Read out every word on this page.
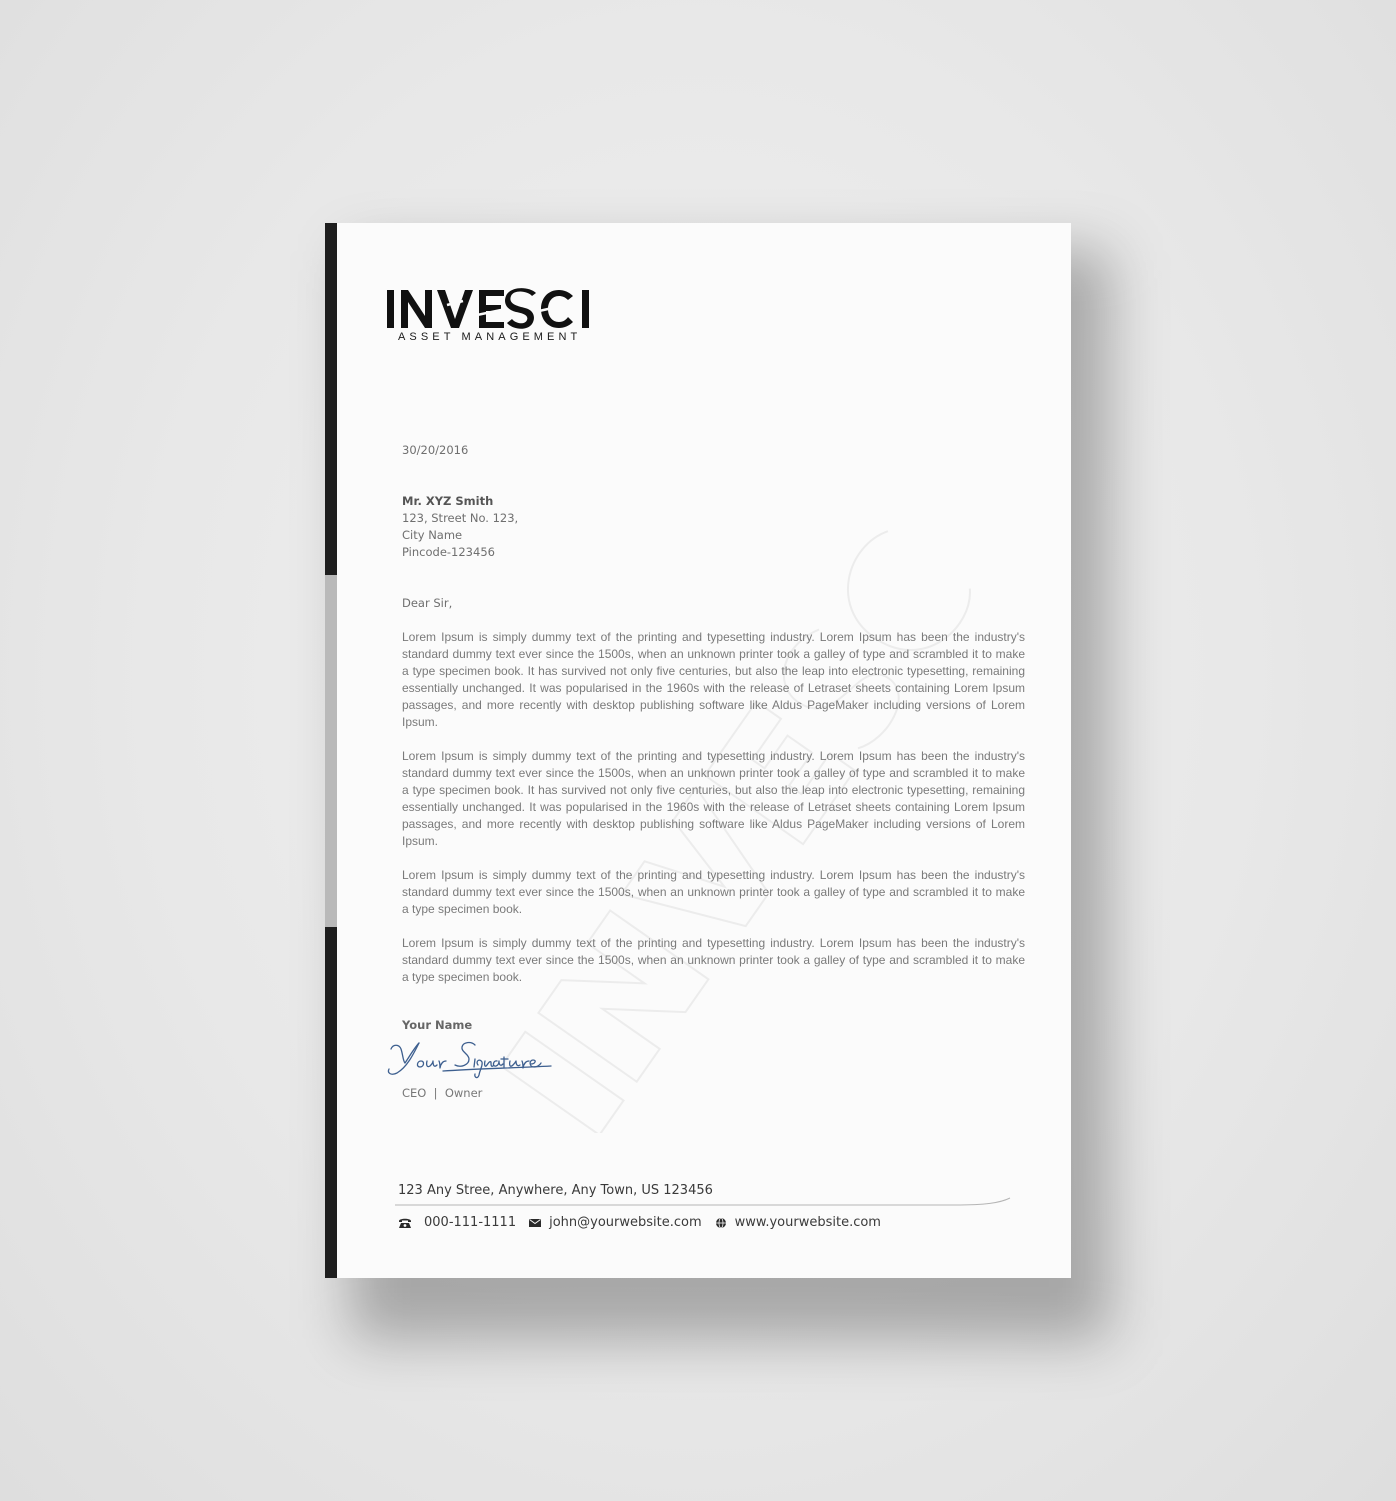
ASSET MANAGEMENT
30/20/2016
Mr. XYZ Smith
123, Street No. 123,
City Name
Pincode-123456
Dear Sir,

Lorem Ipsum is simply dummy text of the printing and typesetting industry. Lorem Ipsum has been the industry's standard dummy text ever since the 1500s, when an unknown printer took a galley of type and scrambled it to make a type specimen book. It has survived not only five centuries, but also the leap into electronic typesetting, remaining essentially unchanged. It was popularised in the 1960s with the release of Letraset sheets containing Lorem Ipsum passages, and more recently with desktop publishing software like Aldus PageMaker including versions of Lorem Ipsum.

Lorem Ipsum is simply dummy text of the printing and typesetting industry. Lorem Ipsum has been the industry's standard dummy text ever since the 1500s, when an unknown printer took a galley of type and scrambled it to make a type specimen book. It has survived not only five centuries, but also the leap into electronic typesetting, remaining essentially unchanged. It was popularised in the 1960s with the release of Letraset sheets containing Lorem Ipsum passages, and more recently with desktop publishing software like Aldus PageMaker including versions of Lorem Ipsum.

Lorem Ipsum is simply dummy text of the printing and typesetting industry. Lorem Ipsum has been the industry's standard dummy text ever since the 1500s, when an unknown printer took a galley of type and scrambled it to make a type specimen book.

Lorem Ipsum is simply dummy text of the printing and typesetting industry. Lorem Ipsum has been the industry's standard dummy text ever since the 1500s, when an unknown printer took a galley of type and scrambled it to make a type specimen book.

Your Name
CEO  |  Owner
123 Any Stree, Anywhere, Any Town, US 123456
000-111-1111	john@yourwebsite.com	www.yourwebsite.com
